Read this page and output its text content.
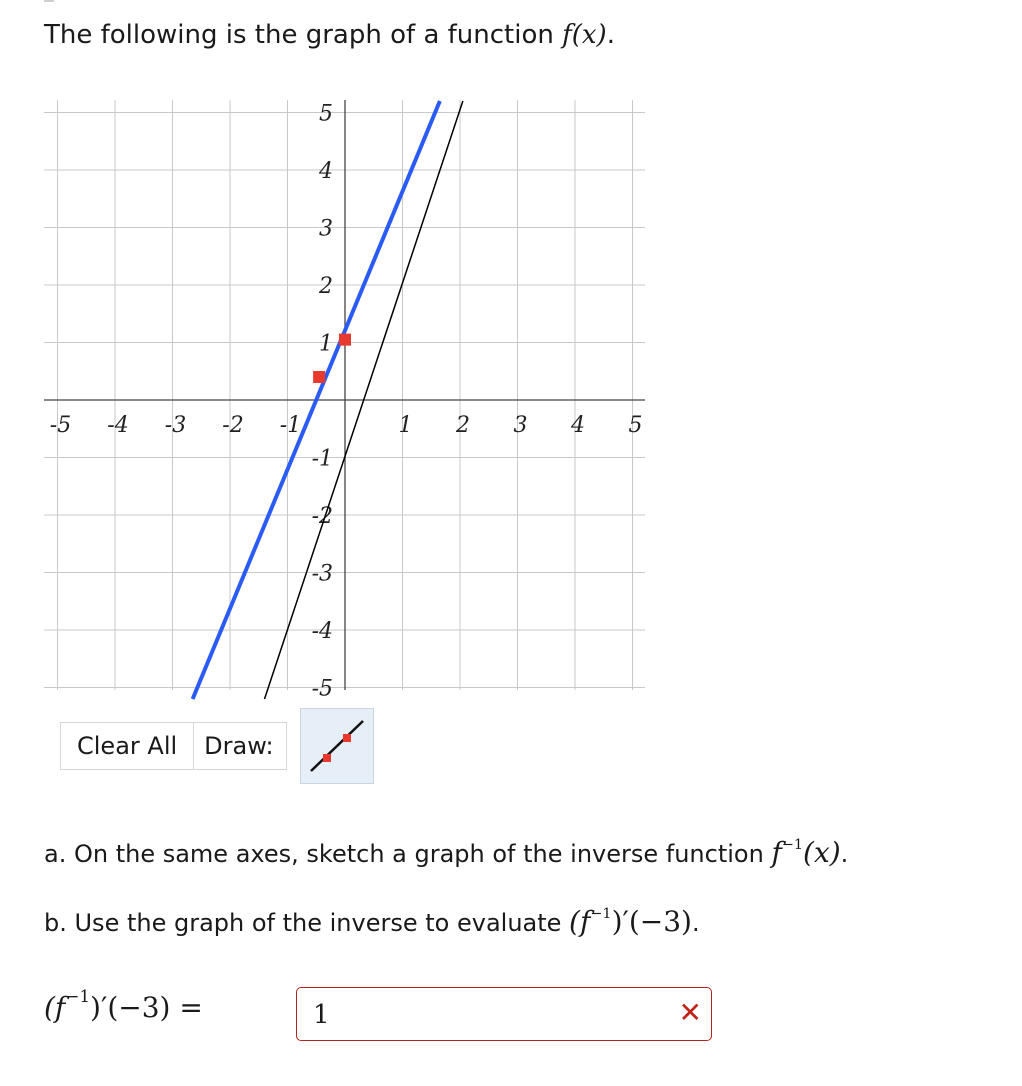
The following is the graph of a function f(x).
-5 -4 -3 -2 -1	1 2 3 4 5
5
4
3
2
1
-1
-2
-3
-4
-5
Clear All	Draw:
a. On the same axes, sketch a graph of the inverse function $f^{-1}(x)$.
b. Use the graph of the inverse to evaluate $(f^{-1})'(-3)$.
$(f^{-1})'(-3)$ =
1	✕
